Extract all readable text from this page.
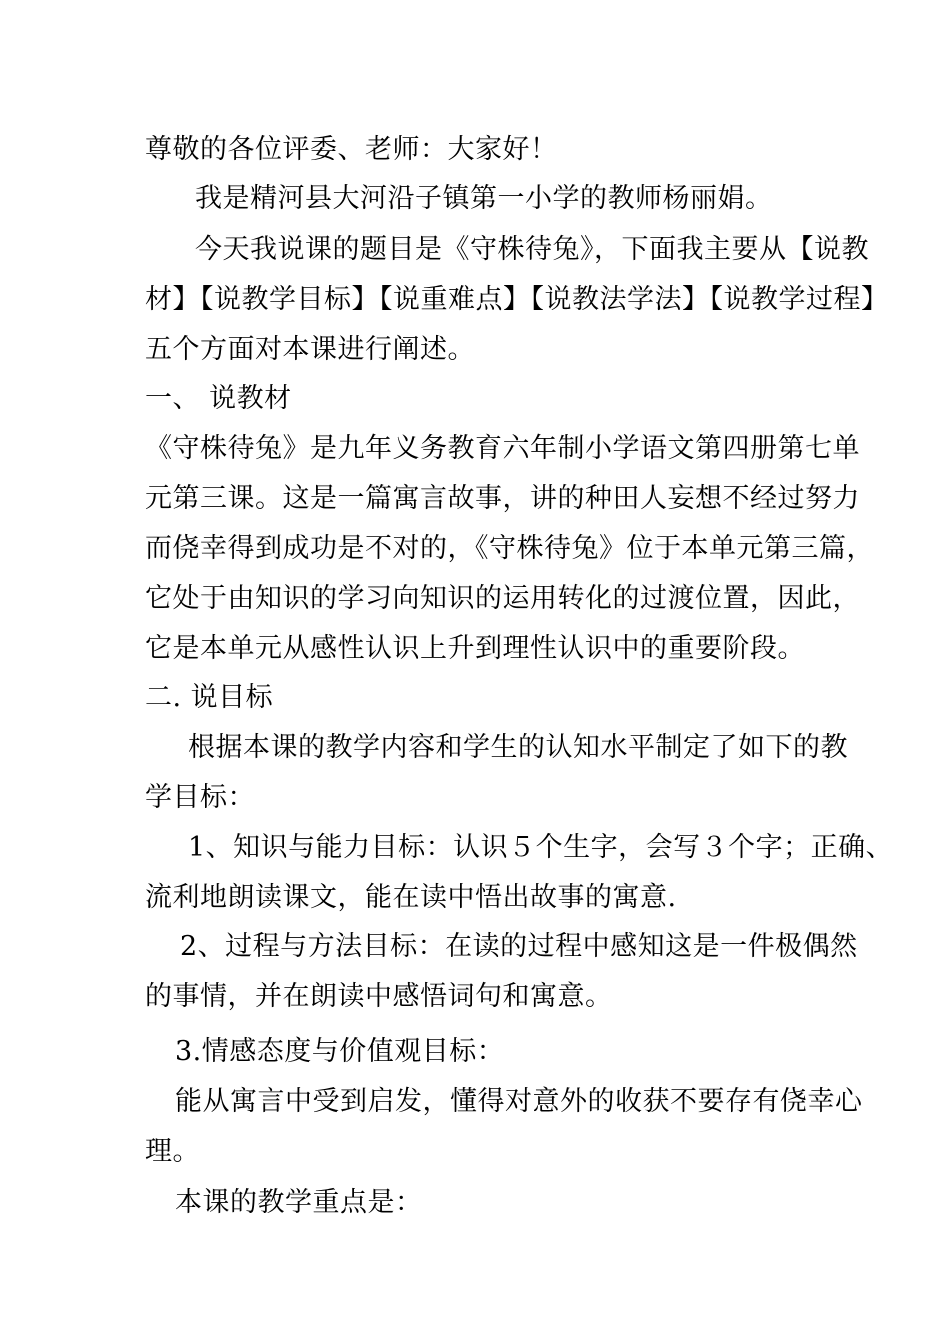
尊敬的各位评委、老师：大家好！
我是精河县大河沿子镇第一小学的教师杨丽娟。
今天我说课的题目是《守株待兔》，下面我主要从【说教
材】【说教学目标】【说重难点】【说教法学法】【说教学过程】
五个方面对本课进行阐述。
一、 说教材
《守株待兔》是九年义务教育六年制小学语文第四册第七单
元第三课。这是一篇寓言故事，讲的种田人妄想不经过努力
而侥幸得到成功是不对的，《守株待兔》位于本单元第三篇，
它处于由知识的学习向知识的运用转化的过渡位置，因此，
它是本单元从感性认识上升到理性认识中的重要阶段。
二. 说目标
根据本课的教学内容和学生的认知水平制定了如下的教
学目标：
1、知识与能力目标：认识５个生字，会写３个字；正确、
流利地朗读课文，能在读中悟出故事的寓意.
2、过程与方法目标：在读的过程中感知这是一件极偶然
的事情，并在朗读中感悟词句和寓意。
3.情感态度与价值观目标：
能从寓言中受到启发，懂得对意外的收获不要存有侥幸心
理。
本课的教学重点是：
